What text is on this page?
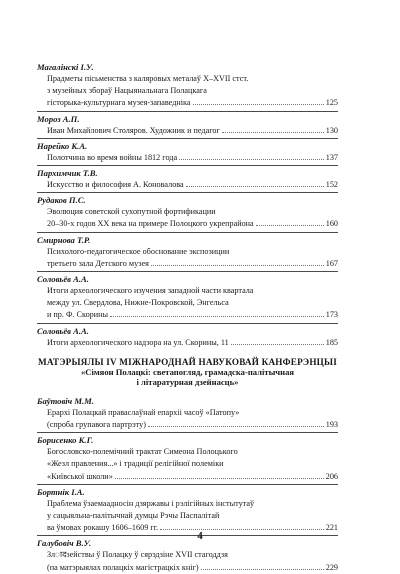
Магалінскі І.У.
Прадметы пісьменства з каляровых металаў X–XVII стст.
з музейных збораў Нацыянальнага Полацкага
гісторыка-культурнага музея-запаведніка	125
Мороз А.П.
Иван Михайлович Столяров. Художник и педагог	130
Нарейко К.А.
Полотчина во время войны 1812 года	137
Пархимчик Т.В.
Искусство и философия А. Коновалова	152
Рудаков П.С.
Эволюция советской сухопутной фортификации
20–30-х годов XX века на примере Полоцкого укрепрайона	160
Смирнова Т.Р.
Психолого-педагогическое обоснование экспозиции
третьего зала Детского музея	167
Соловьёв А.А.
Итоги археологического изучения западной части квартала
между ул. Свердлова, Нижне-Покровской, Энгельса
и пр. Ф. Скорины	173
Соловьёв А.А.
Итоги археологического надзора на ул. Скорины, 11	185
МАТЭРЫЯЛЫ IV МІЖНАРОДНАЙ НАВУКОВАЙ КАНФЕРЭНЦЫІ
«Сімяон Полацкі: светапогляд, грамадска-палітычная
і літаратурная дзейнасць»
Баўтовіч М.М.
Ерархі Полацкай праваслаўнай епархіі часоў «Патопу»
(спроба групавога партрэту)	193
Борисенко К.Г.
Богословско-полемічний трактат Симеона Полоцького
«Жезл правления...» і традиції релігійної полеміки
«Київської школи»	206
Бортнік I.A.
Праблема ўзаемаадносін дзяржавы і рэлігійных інстытутаў
у сацыяльна-палітычнай думцы Рэчы Паспалітай
ва ўмовах рокашу 1606–1609 гг.	221
Галубовіч В.У.
Злादзействы ў Полацку ў сярэдзіне XVII стагоддзя
(па матэрыялах полацкіх магістрацкіх кніг)	229
4
